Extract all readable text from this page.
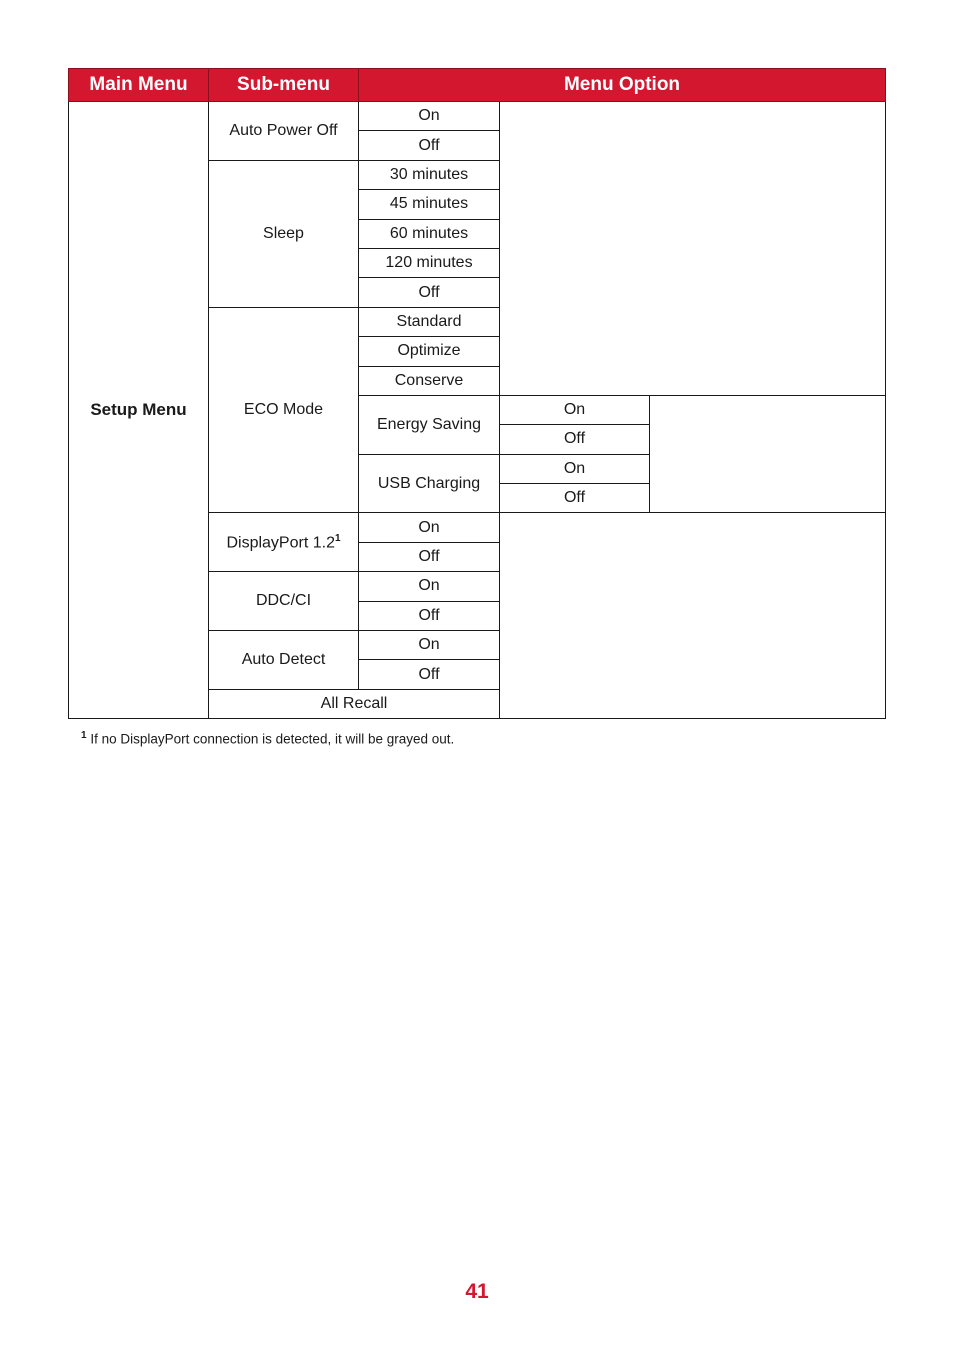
Main Menu	Sub-menu	Menu Option		
Setup Menu	Auto Power Off	On		
		Off		
	Sleep	30 minutes		
		45 minutes		
		60 minutes		
		120 minutes		
		Off		
	ECO Mode	Standard		
		Optimize		
		Conserve		
		Energy Saving	On	
			Off	
		USB Charging	On	
			Off	
	DisplayPort $1.2^1$	On		
		Off		
	DDC/CI	On		
		Off		
	Auto Detect	On		
		Off		
	All Recall			
$^1$ If no DisplayPort connection is detected, it will be grayed out.
41
